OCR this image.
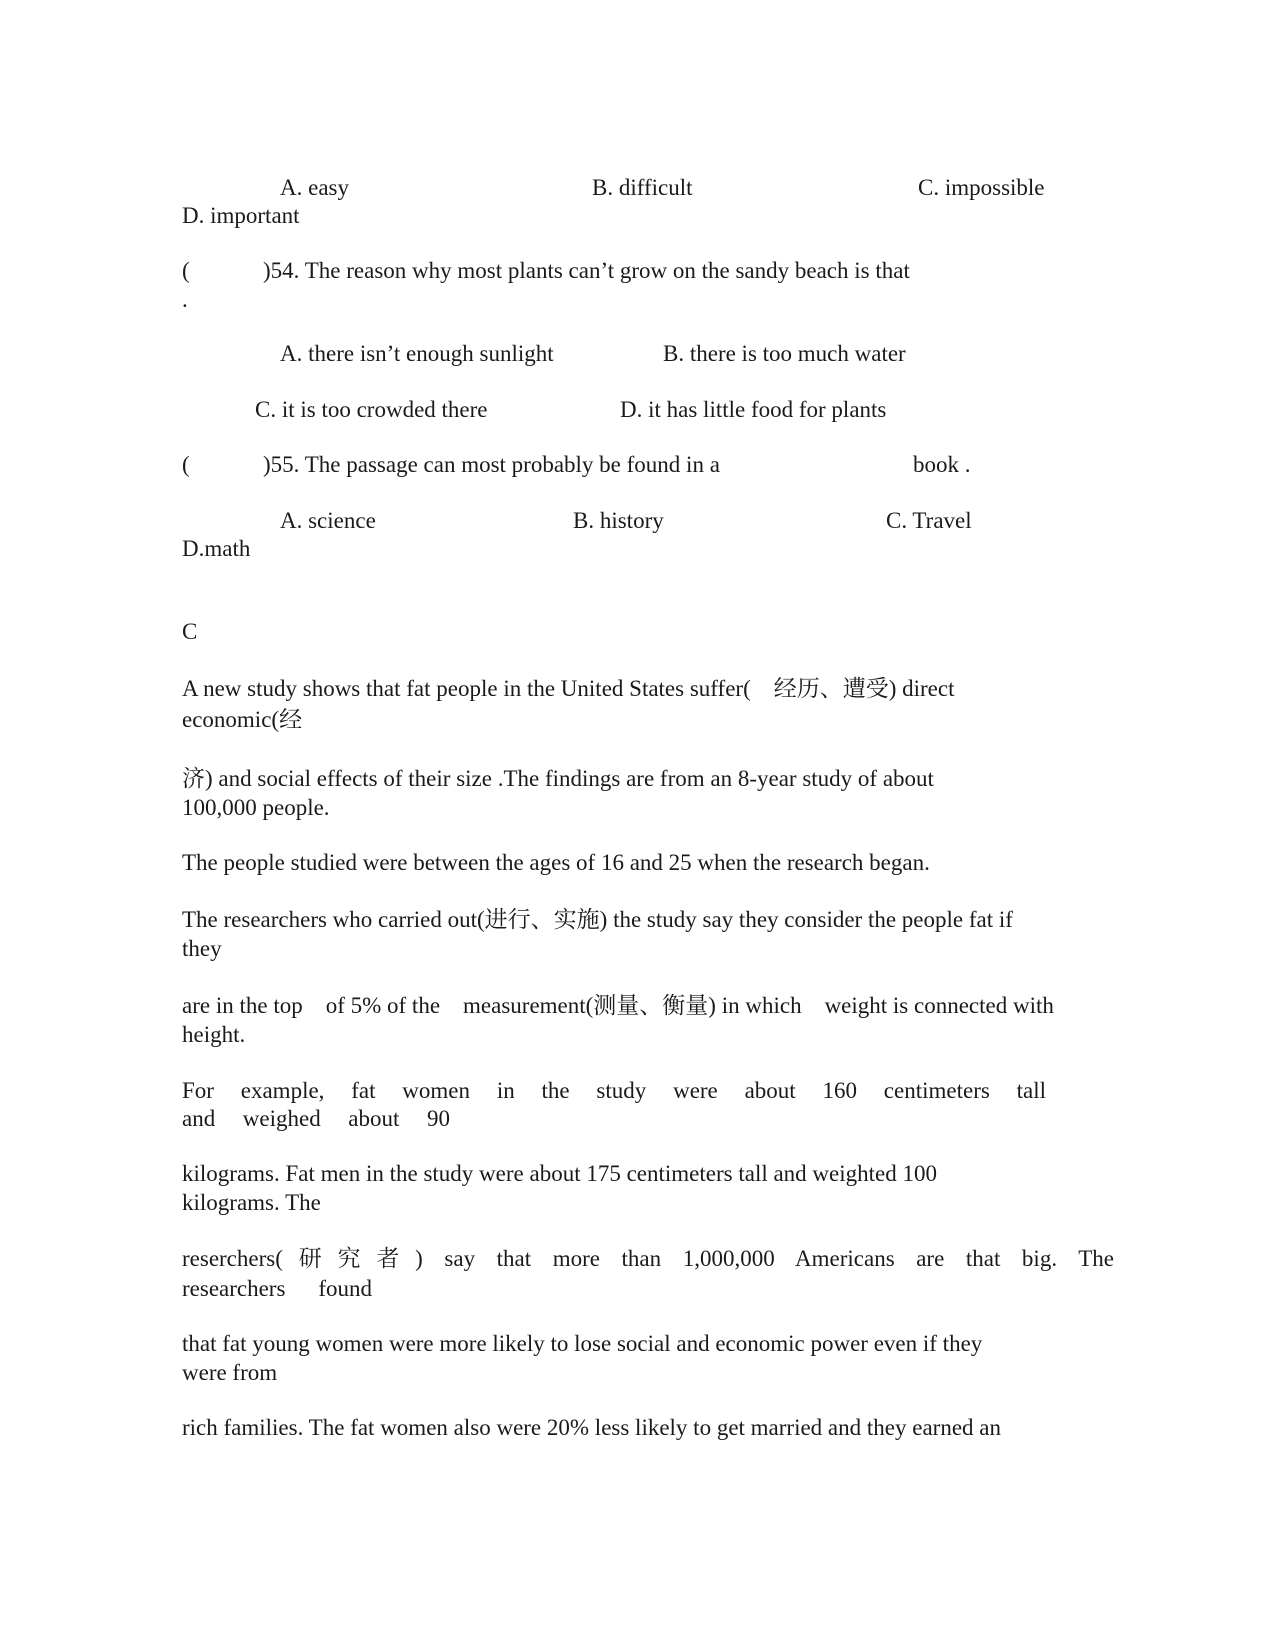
A. easy	B. difficult	C. impossible
D. important
(	)54. The reason why most plants can’t grow on the sandy beach is that
.
A. there isn’t enough sunlight	B. there is too much water
C. it is too crowded there	D. it has little food for plants
(	)55. The passage can most probably be found in a	book .
A. science	B. history	C. Travel
D.math
C
A new study shows that fat people in the United States suffer(　经历、遭受) direct
economic(经
济) and social effects of their size .The findings are from an 8-year study of about
100,000 people.
The people studied were between the ages of 16 and 25 when the research began.
The researchers who carried out(进行、实施) the study say they consider the people fat if
they
are in the top　of 5% of the　measurement(测量、衡量) in which　weight is connected with
height.
For example, fat women in the study were about 160 centimeters tall
and weighed about 90
kilograms. Fat men in the study were about 175 centimeters tall and weighted 100
kilograms. The
reserchers(研究者) say that more than 1,000,000 Americans are that big. The
researchers found
that fat young women were more likely to lose social and economic power even if they
were from
rich families. The fat women also were 20% less likely to get married and they earned an
